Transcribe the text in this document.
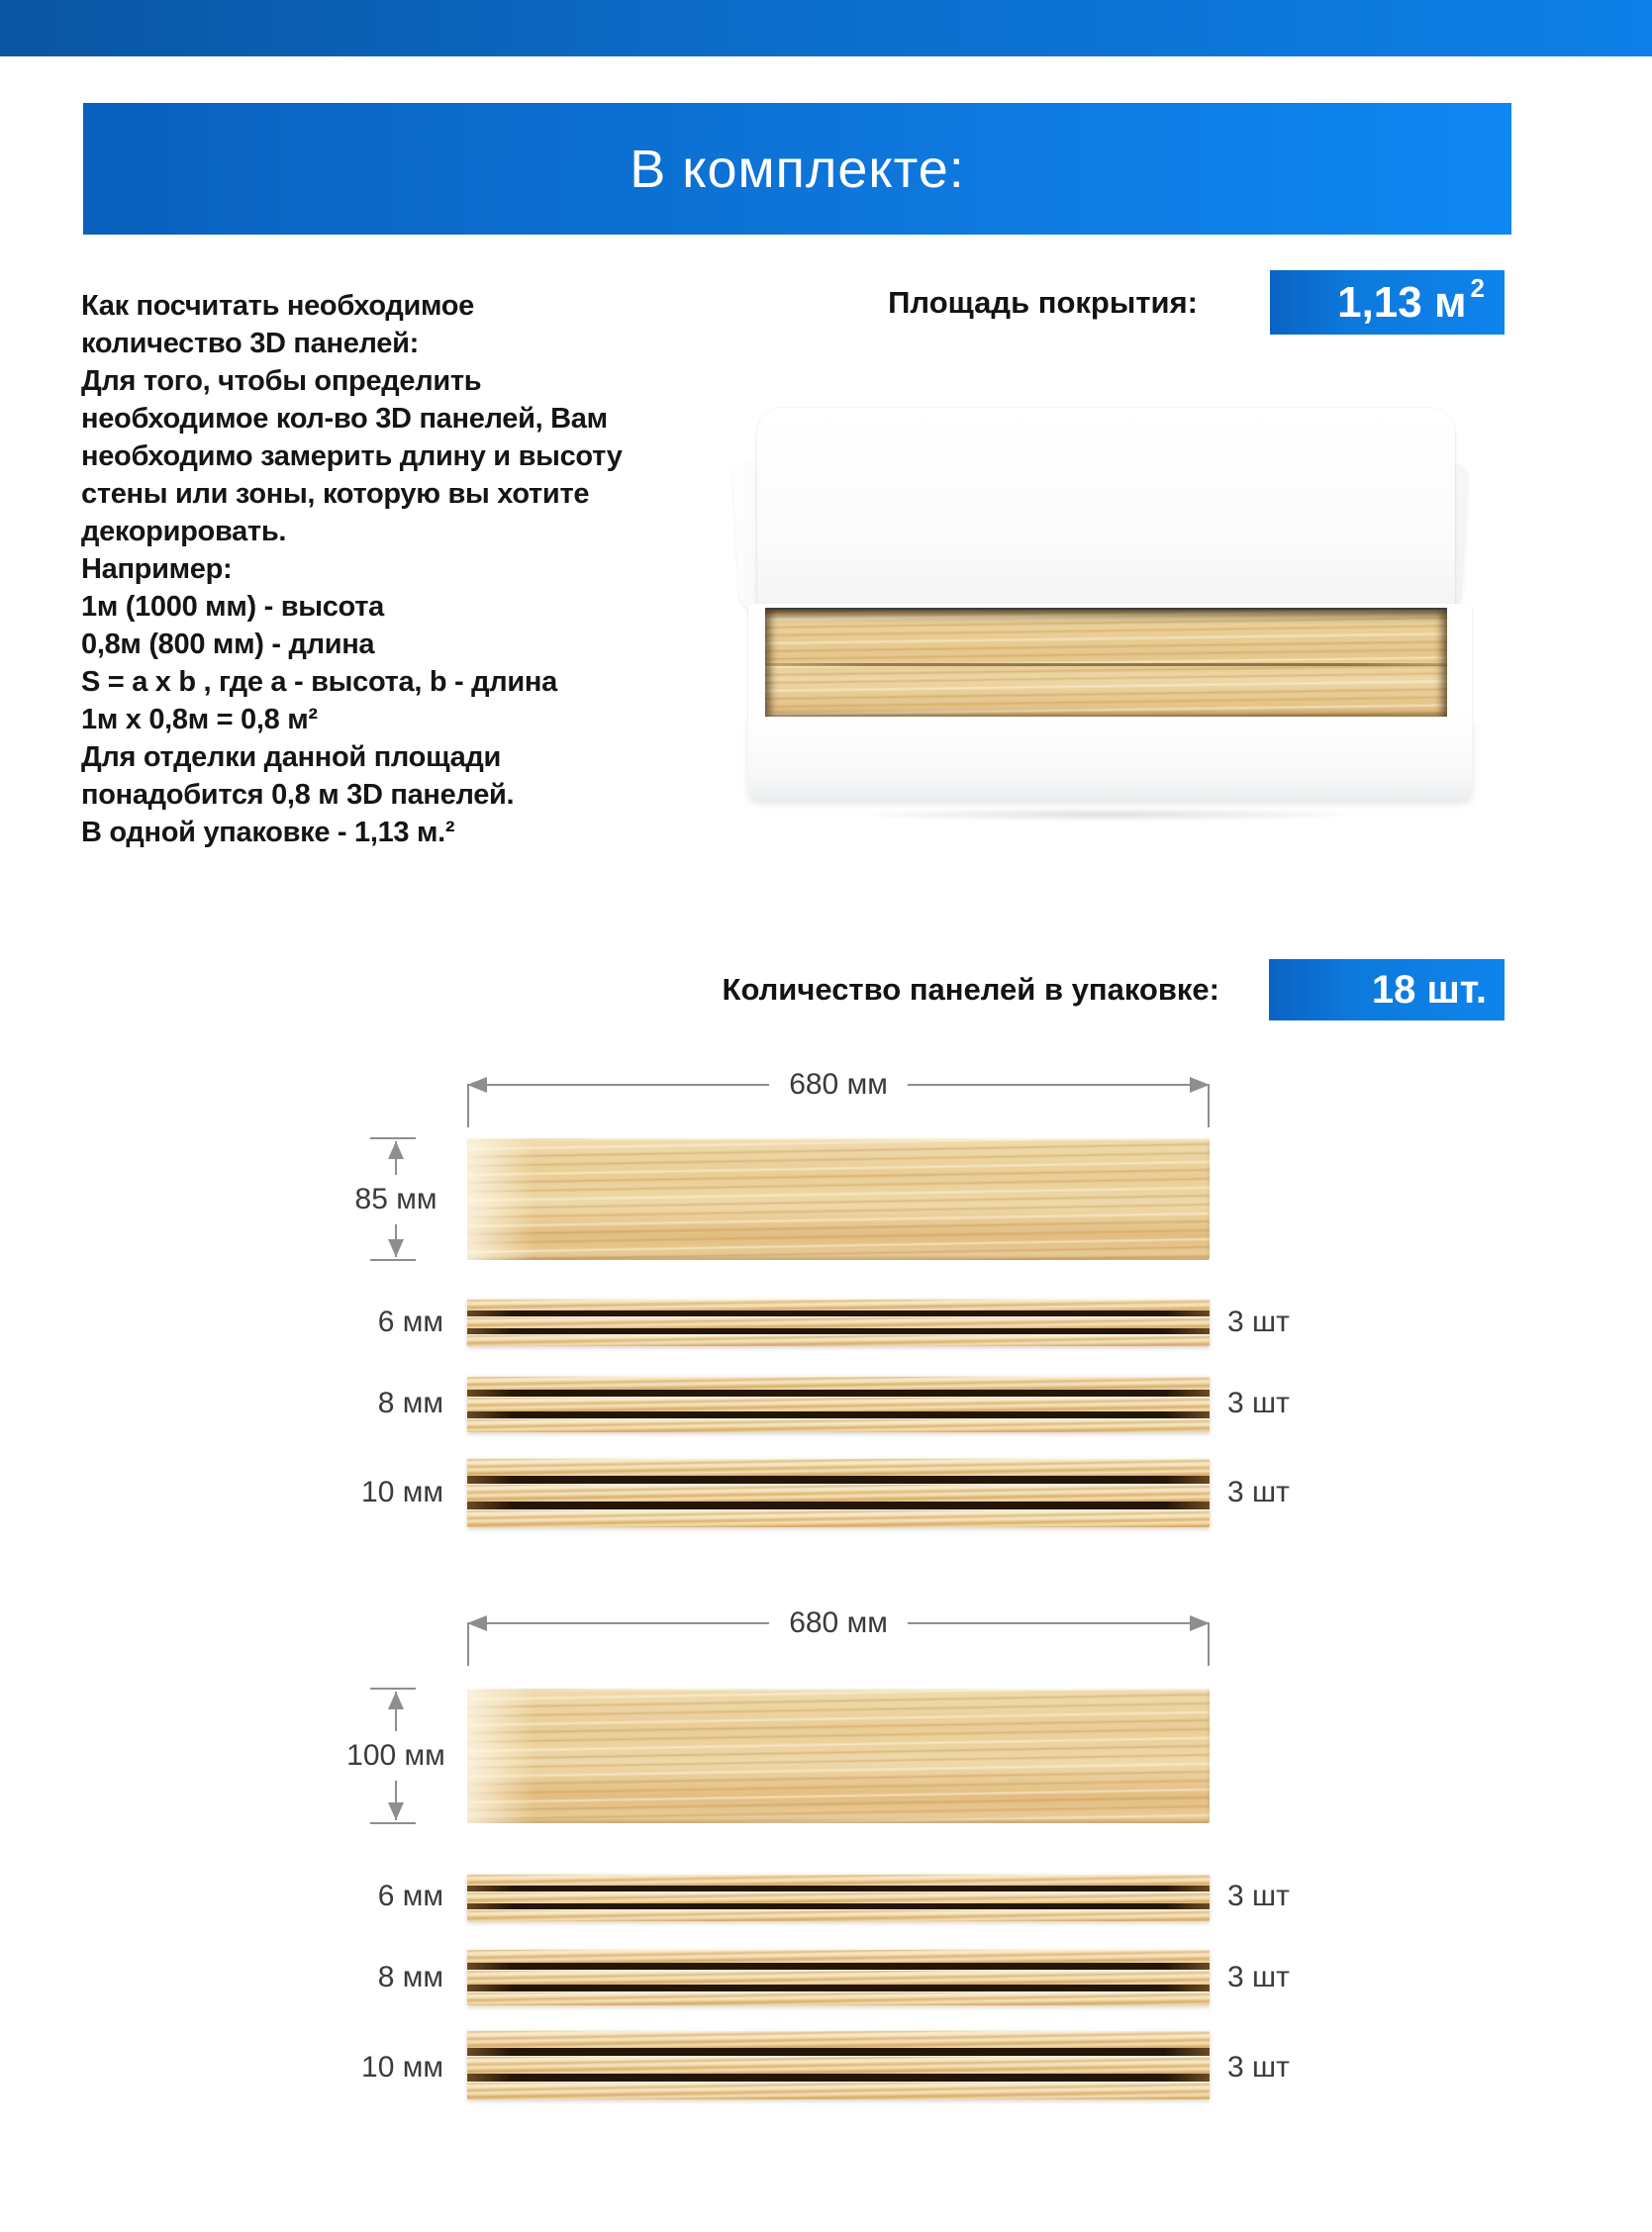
В комплекте:
Как посчитать необходимое
количество 3D панелей:
Для того, чтобы определить
необходимое кол-во 3D панелей, Вам
необходимо замерить длину и высоту
стены или зоны, которую вы хотите
декорировать.
Например:
1м (1000 мм) - высота
0,8м (800 мм) - длина
S = a x b , где a - высота, b - длина
1м x 0,8м = 0,8 м²
Для отделки данной площади
понадобится 0,8 м 3D панелей.
В одной упаковке - 1,13 м.²
Площадь покрытия:	1,13 м 2
Количество панелей в упаковке:	18 шт.
680 мм
85 мм
6 мм	3 шт
8 мм	3 шт
10 мм	3 шт
680 мм
100 мм
6 мм	3 шт
8 мм	3 шт
10 мм	3 шт
